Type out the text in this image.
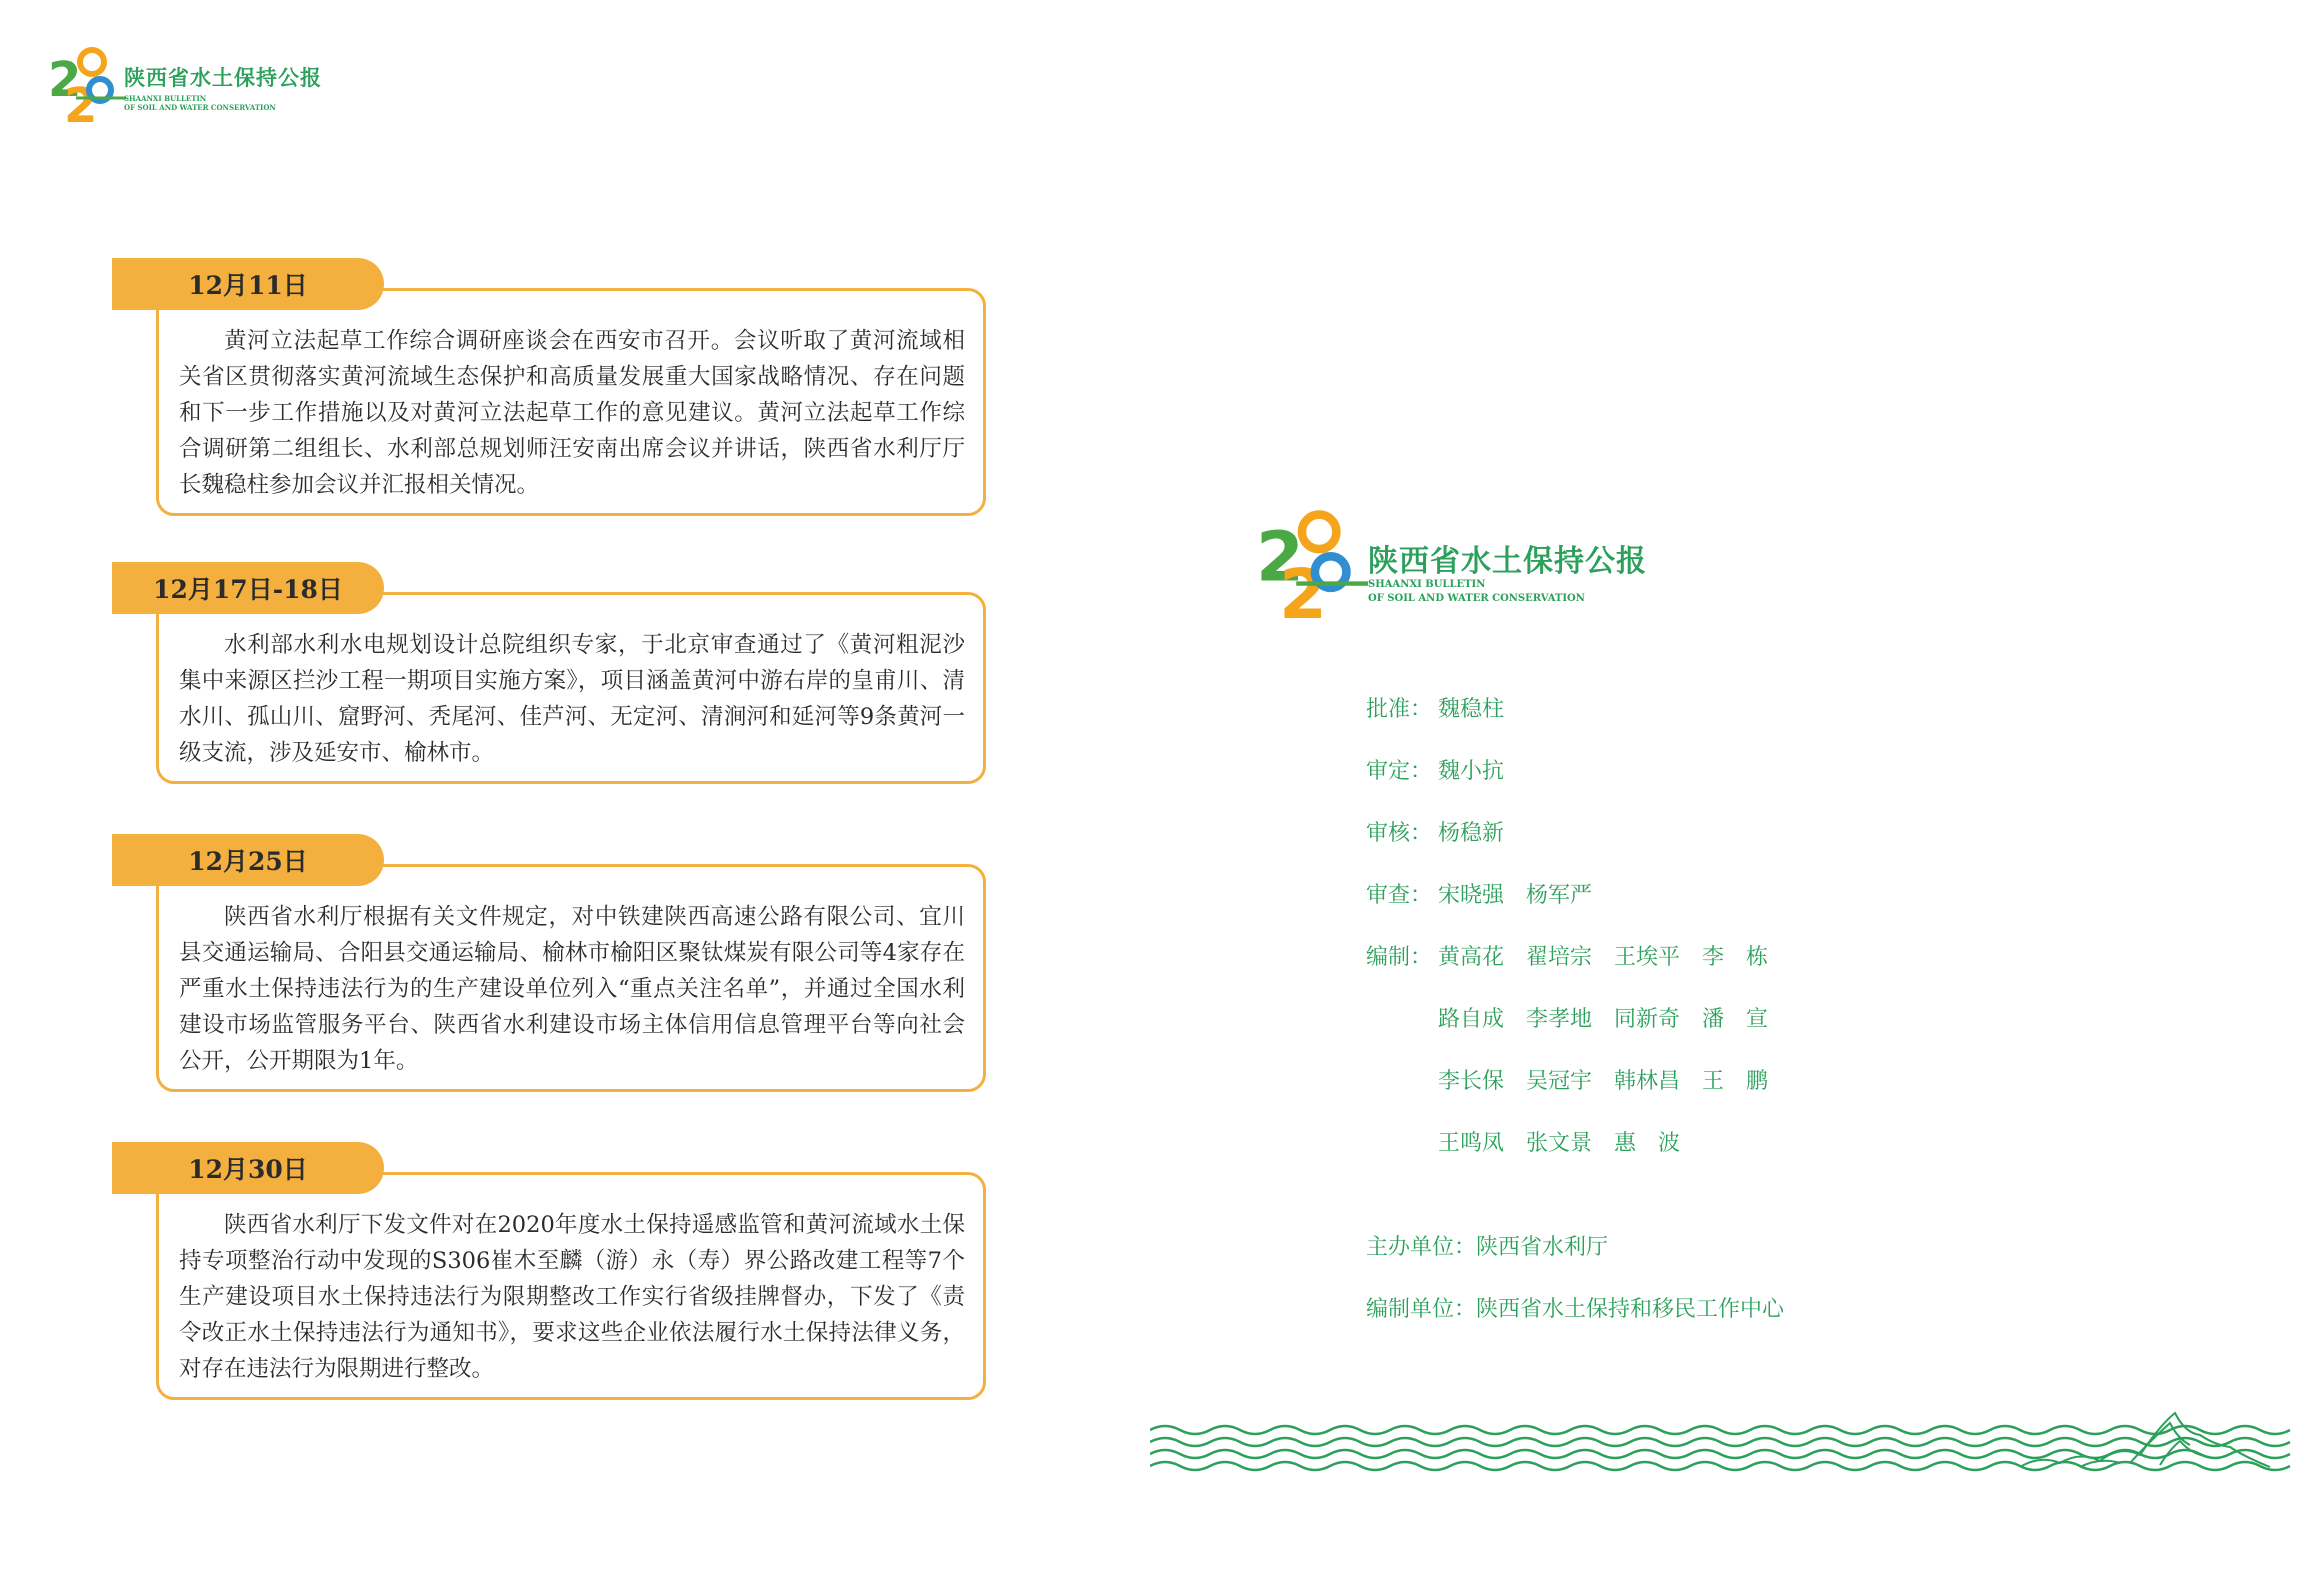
2
2
陕西省水土保持公报
SHAANXI BULLETIN
OF SOIL AND WATER CONSERVATION

黄河立法起草工作综合调研座谈会在西安市召开。会议听取了黄河流域相关省区贯彻落实黄河流域生态保护和高质量发展重大国家战略情况、存在问题和下一步工作措施以及对黄河立法起草工作的意见建议。黄河立法起草工作综合调研第二组组长、水利部总规划师汪安南出席会议并讲话，陕西省水利厅厅长魏稳柱参加会议并汇报相关情况。

12月11日

水利部水利水电规划设计总院组织专家，于北京审查通过了《黄河粗泥沙集中来源区拦沙工程一期项目实施方案》，项目涵盖黄河中游右岸的皇甫川、清水川、孤山川、窟野河、秃尾河、佳芦河、无定河、清涧河和延河等9条黄河一级支流，涉及延安市、榆林市。

12月17日-18日

陕西省水利厅根据有关文件规定，对中铁建陕西高速公路有限公司、宜川县交通运输局、合阳县交通运输局、榆林市榆阳区聚钛煤炭有限公司等4家存在严重水土保持违法行为的生产建设单位列入“重点关注名单”，并通过全国水利建设市场监管服务平台、陕西省水利建设市场主体信用信息管理平台等向社会公开，公开期限为1年。

12月25日

陕西省水利厅下发文件对在2020年度水土保持遥感监管和黄河流域水土保持专项整治行动中发现的S306崔木至麟（游）永（寿）界公路改建工程等7个生产建设项目水土保持违法行为限期整改工作实行省级挂牌督办，下发了《责令改正水土保持违法行为通知书》，要求这些企业依法履行水土保持法律义务，对存在违法行为限期进行整改。

12月30日
2
2 陕西省水土保持公报
SHAANXI BULLETIN
OF SOIL AND WATER CONSERVATION
批准： 魏稳柱
审定： 魏小抗
审核： 杨稳新
审查： 宋晓强 杨军严
编制： 黄高花 翟培宗 王埃平 李　栋
路自成 李孝地 同新奇 潘　宣
李长保 吴冠宇 韩林昌 王　鹏
王鸣凤 张文景 惠　波
主办单位：陕西省水利厅
编制单位：陕西省水土保持和移民工作中心
